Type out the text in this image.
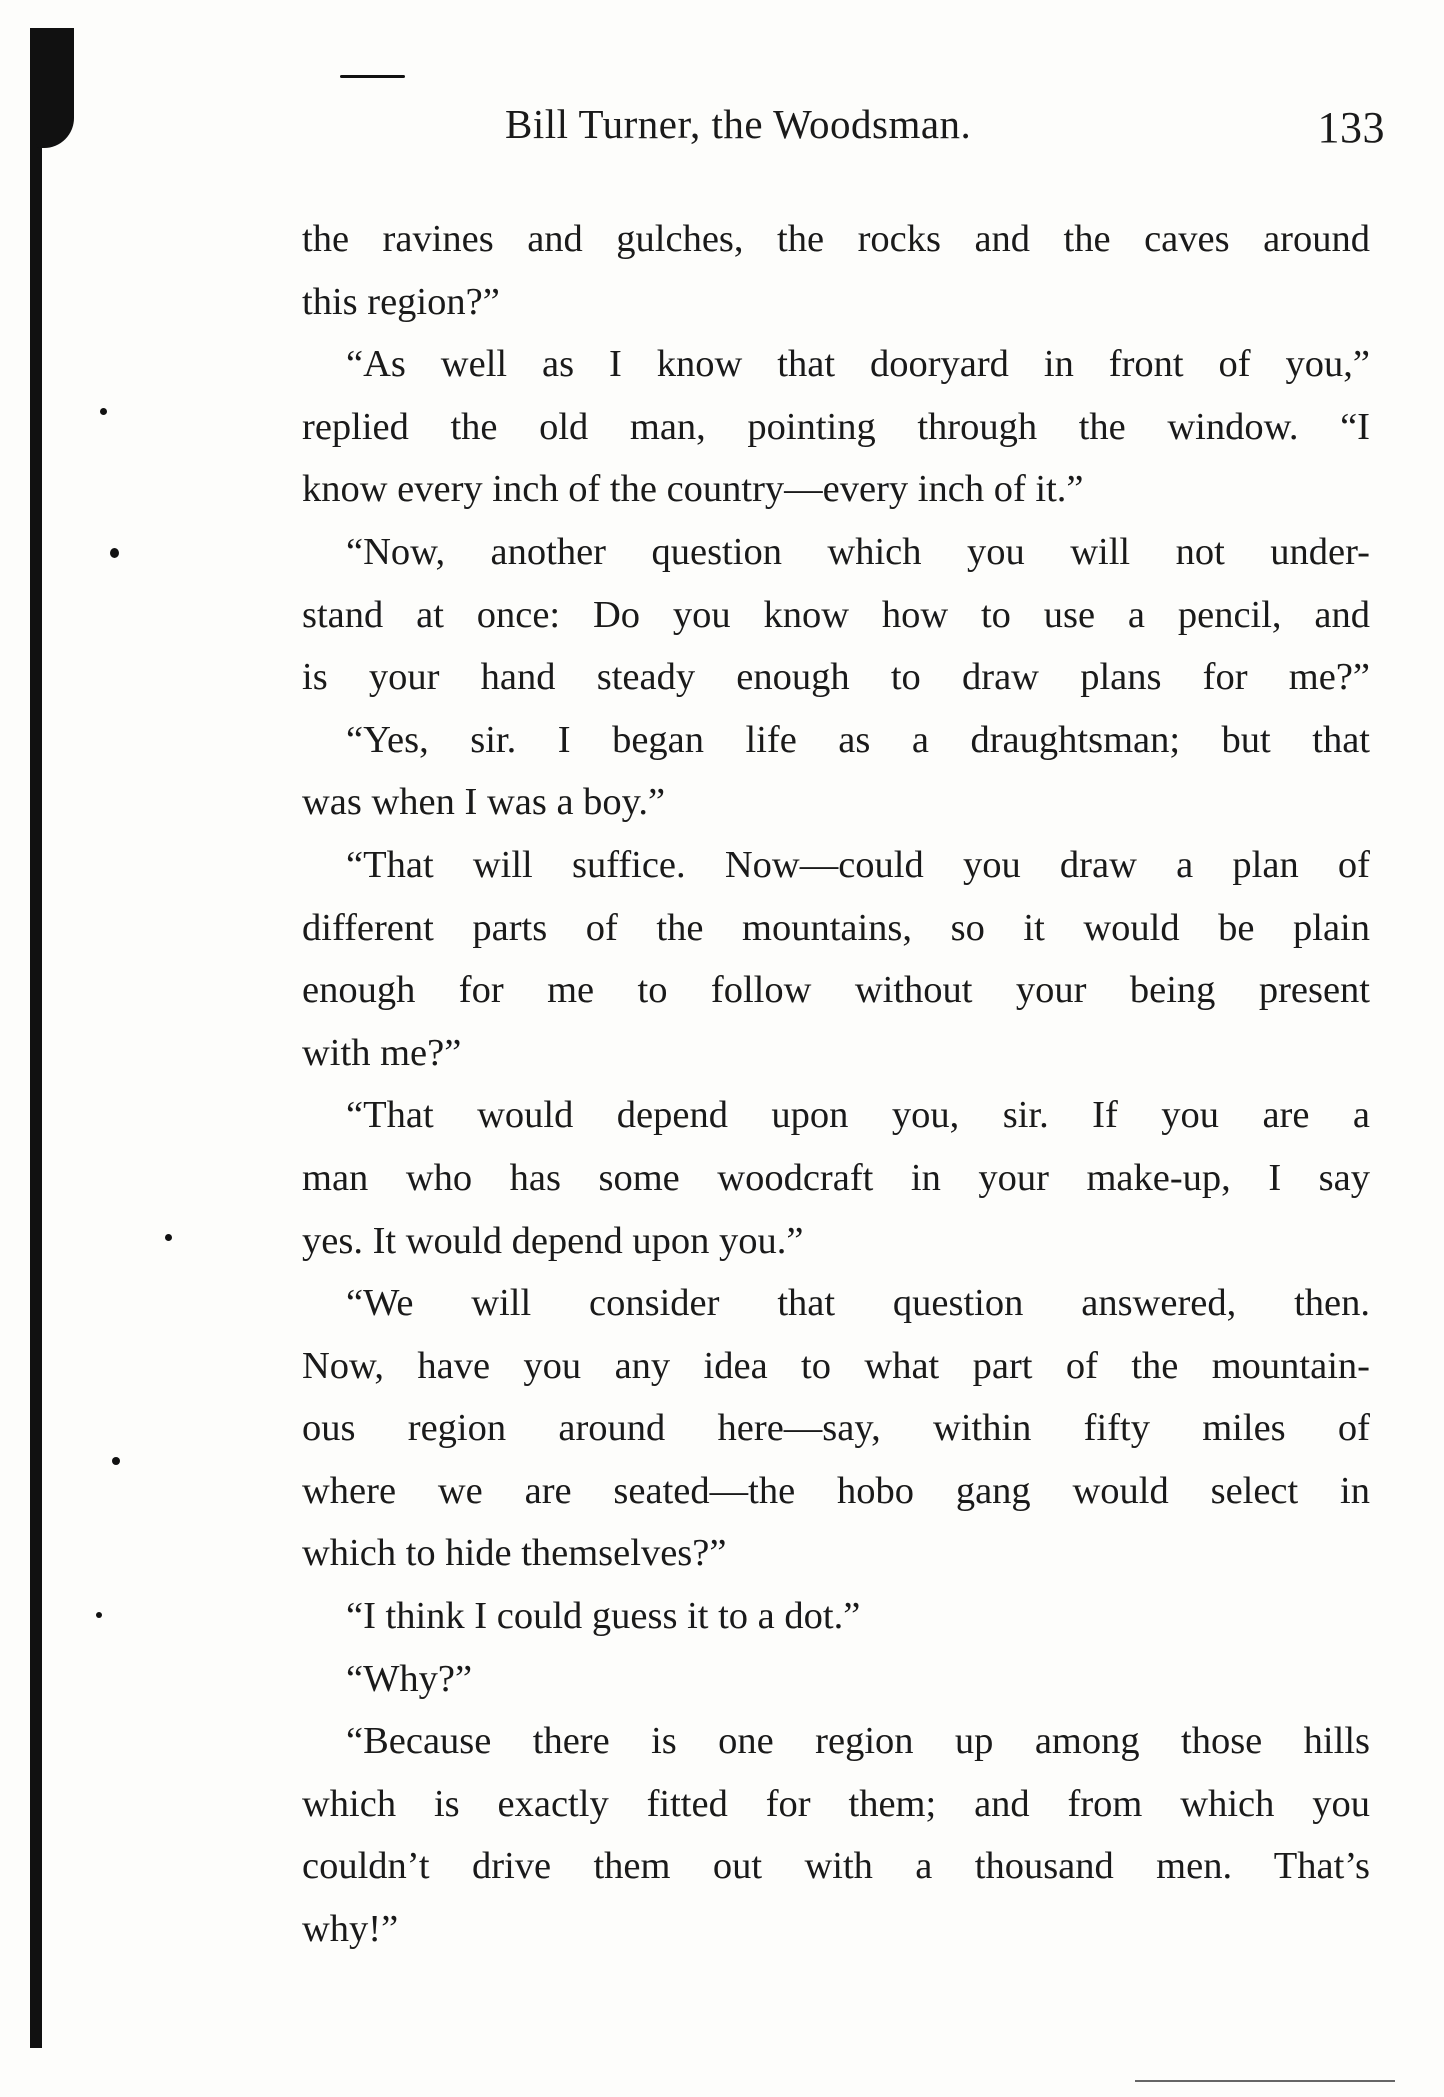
Bill Turner, the Woodsman.	133
the ravines and gulches, the rocks and the caves around
this region?”
“As well as I know that dooryard in front of you,”
replied the old man, pointing through the window. “I
know every inch of the country—every inch of it.”
“Now, another question which you will not under-
stand at once: Do you know how to use a pencil, and
is your hand steady enough to draw plans for me?”
“Yes, sir. I began life as a draughtsman; but that
was when I was a boy.”
“That will suffice. Now—could you draw a plan of
different parts of the mountains, so it would be plain
enough for me to follow without your being present
with me?”
“That would depend upon you, sir. If you are a
man who has some woodcraft in your make-up, I say
yes. It would depend upon you.”
“We will consider that question answered, then.
Now, have you any idea to what part of the mountain-
ous region around here—say, within fifty miles of
where we are seated—the hobo gang would select in
which to hide themselves?”
“I think I could guess it to a dot.”
“Why?”
“Because there is one region up among those hills
which is exactly fitted for them; and from which you
couldn’t drive them out with a thousand men. That’s
why!”
